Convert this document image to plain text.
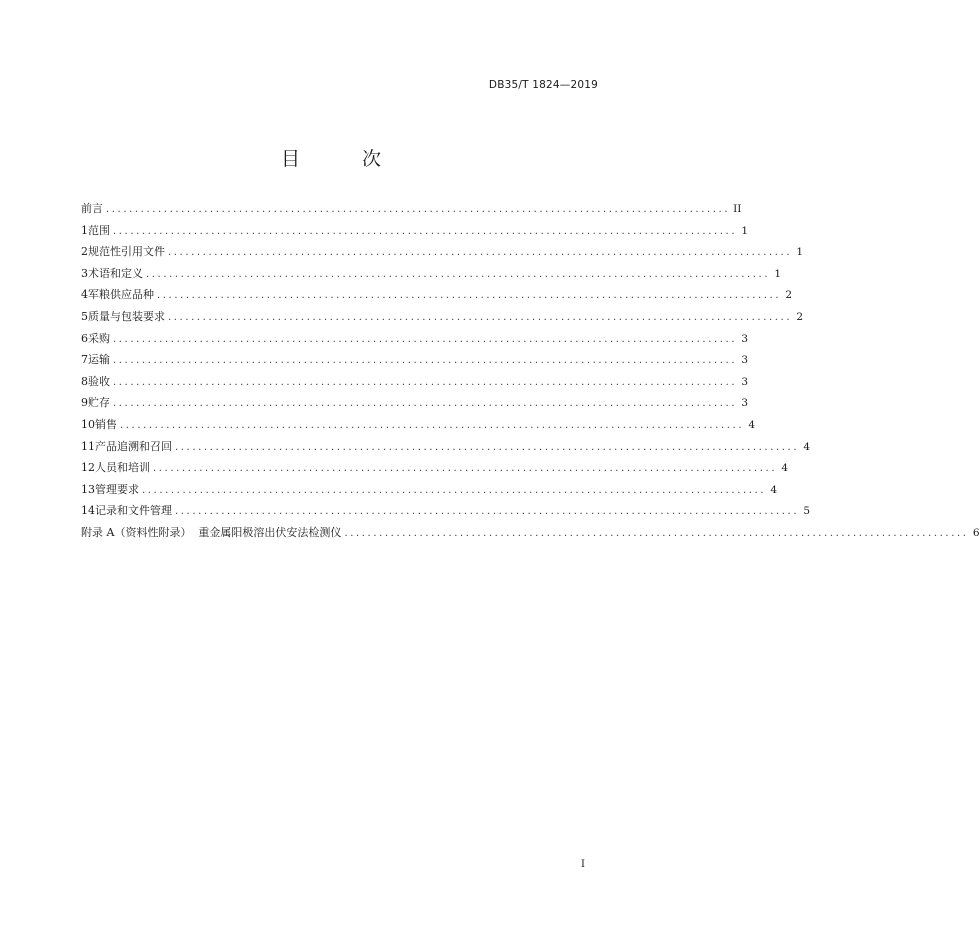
DB35/T 1824—2019
目 次
前言 ............................................................................................................ II
1 范围 ............................................................................................................ 1
2 规范性引用文件 ............................................................................................................ 1
3 术语和定义 ............................................................................................................ 1
4 军粮供应品种 ............................................................................................................ 2
5 质量与包装要求 ............................................................................................................ 2
6 采购 ............................................................................................................ 3
7 运输 ............................................................................................................ 3
8 验收 ............................................................................................................ 3
9 贮存 ............................................................................................................ 3
10 销售 ............................................................................................................ 4
11 产品追溯和召回 ............................................................................................................ 4
12 人员和培训 ............................................................................................................ 4
13 管理要求 ............................................................................................................ 4
14 记录和文件管理 ............................................................................................................ 5
附录 A（资料性附录）  重金属阳极溶出伏安法检测仪 ............................................................................................................ 6
I
